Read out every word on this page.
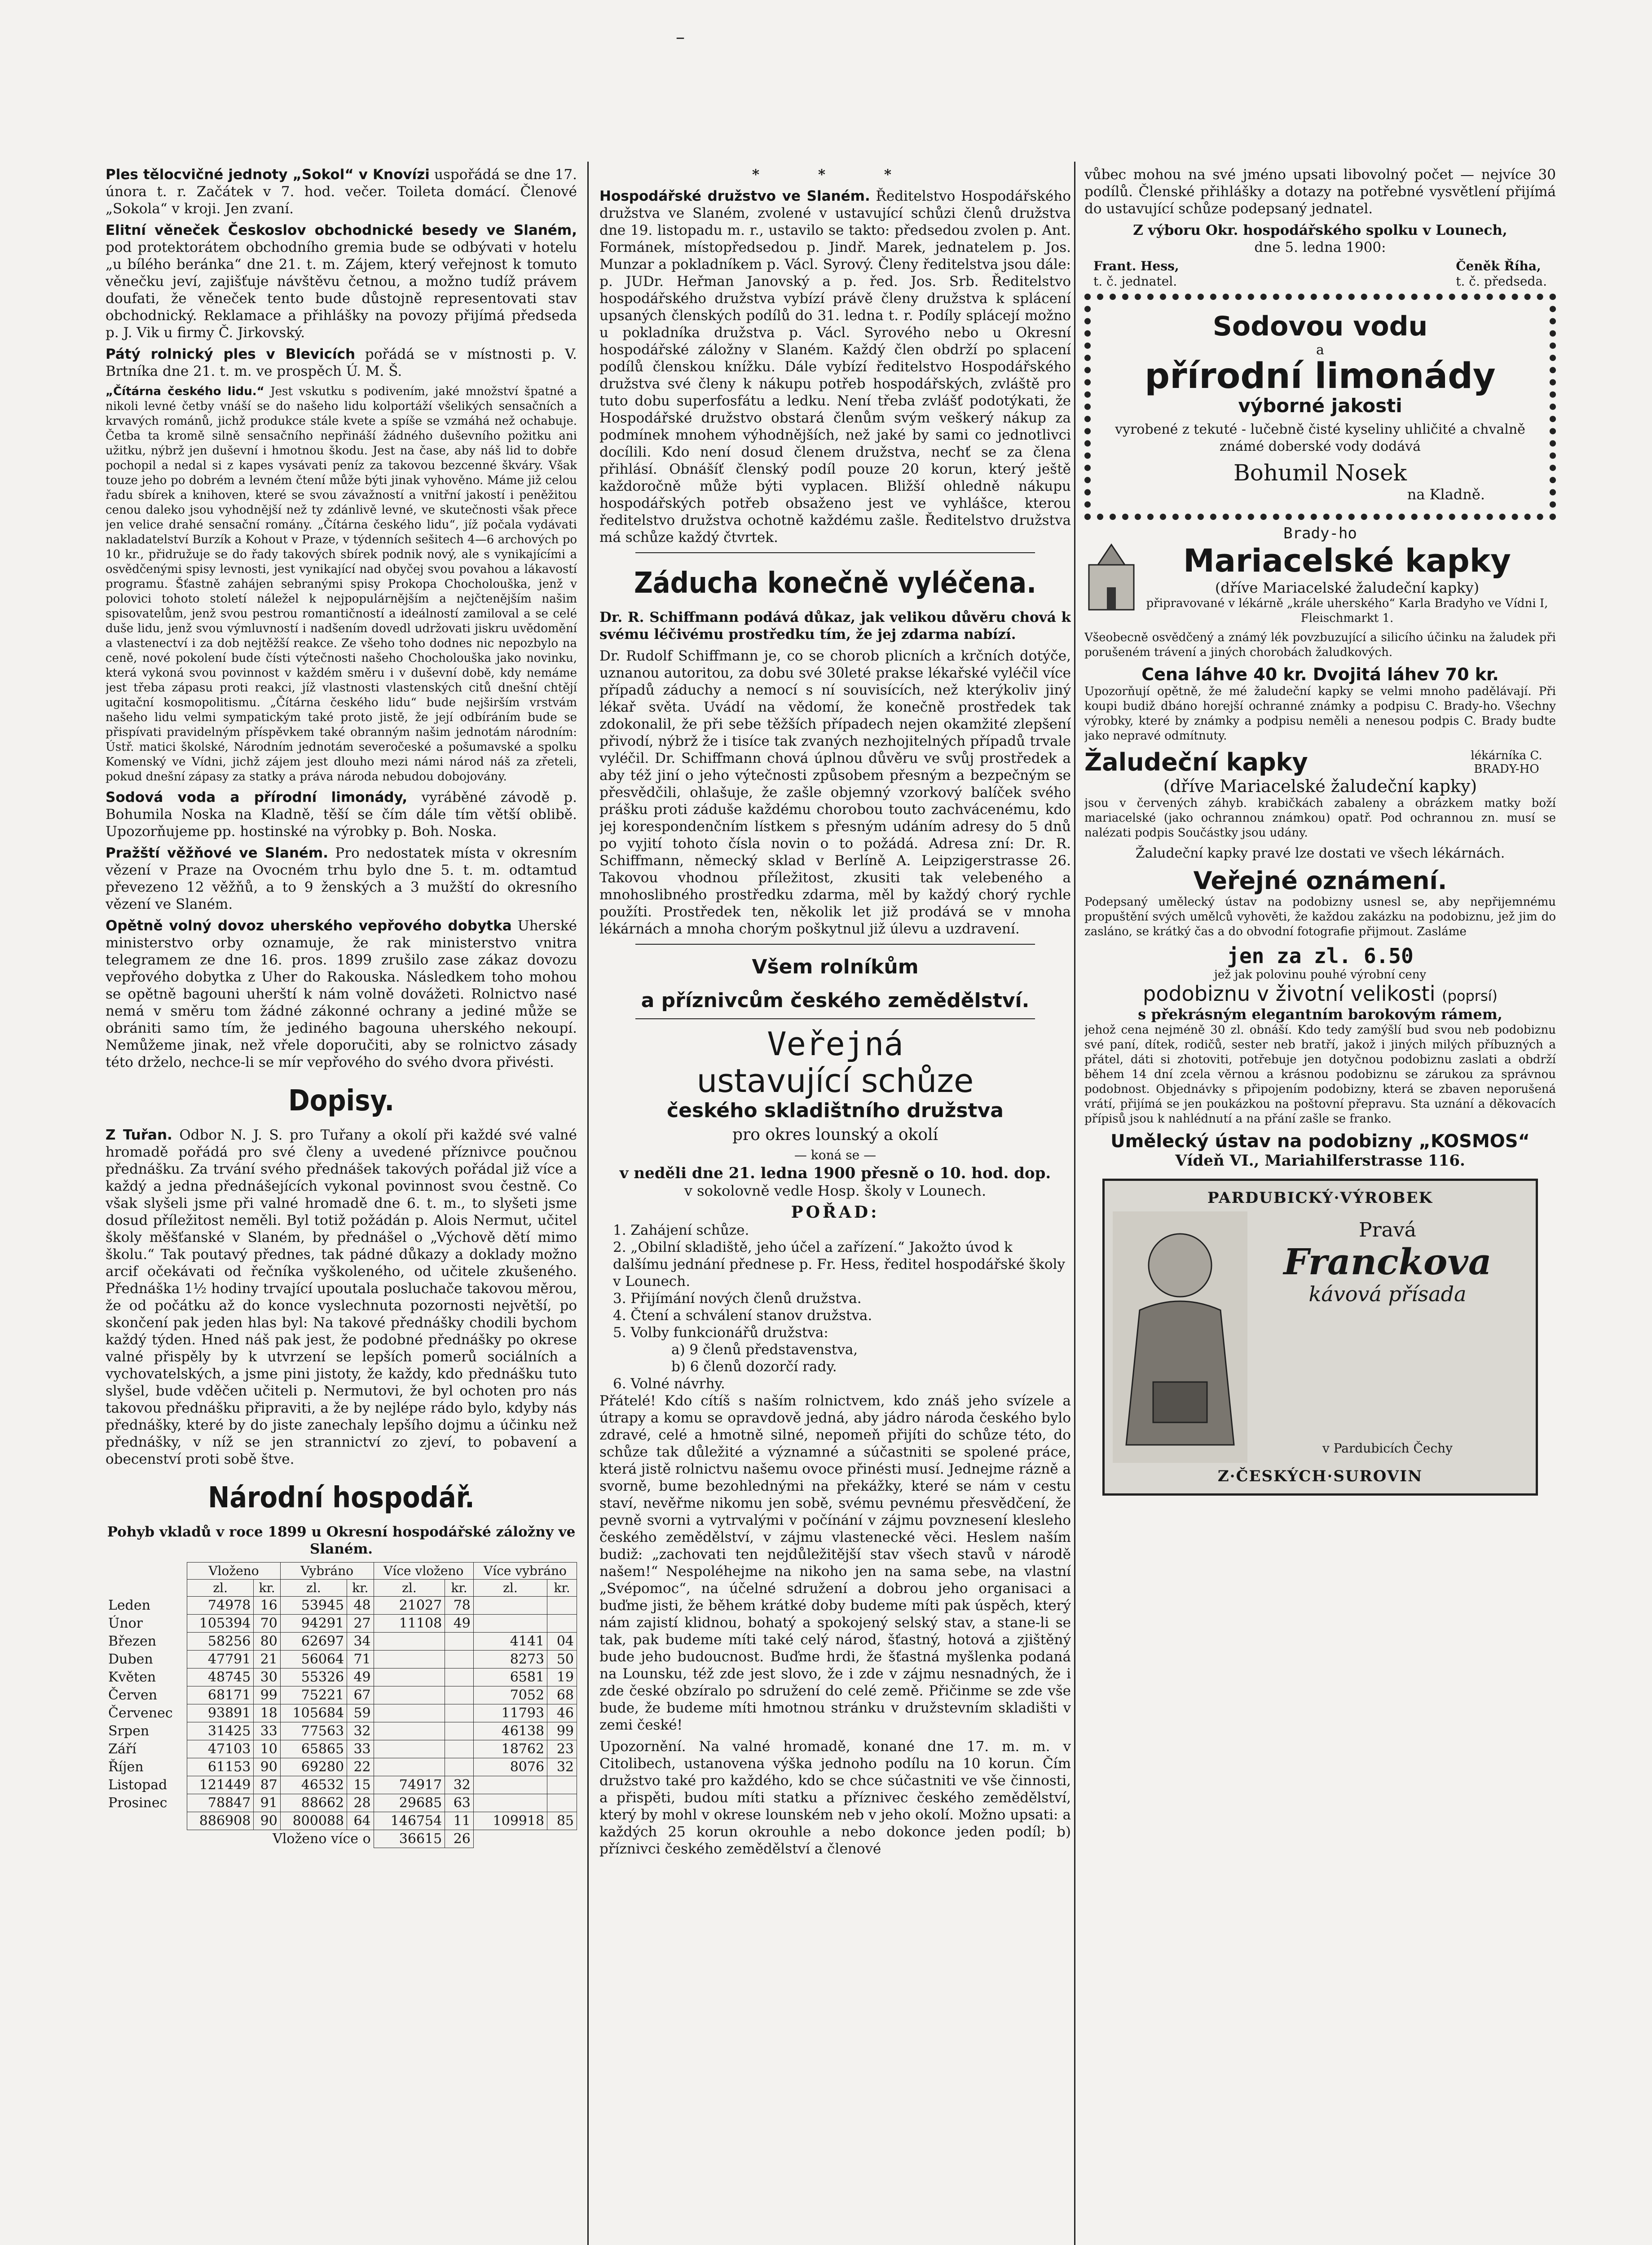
–

Ples tělocvičné jednoty „Sokol“ v Knovízi uspořádá se dne 17. února t. r. Začátek v 7. hod. večer. Toileta domácí. Členové „Sokola“ v kroji. Jen zvaní.

Elitní věneček Českoslov obchodnické besedy ve Slaném, pod protektorátem obchodního gremia bude se odbývati v hotelu „u bílého beránka“ dne 21. t. m. Zájem, který veřejnost k tomuto věnečku jeví, zajišťuje návštěvu četnou, a možno tudíž právem doufati, že věneček tento bude důstojně representovati stav obchodnický. Reklamace a přihlášky na povozy přijímá předseda p. J. Vik u firmy Č. Jirkovský.

Pátý rolnický ples v Blevicích pořádá se v místnosti p. V. Brtníka dne 21. t. m. ve prospěch Ú. M. Š.

„Čítárna českého lidu.“ Jest vskutku s podivením, jaké množství špatné a nikoli levné četby vnáší se do našeho lidu kolportáží všelikých sensačních a krvavých románů, jichž produkce stále kvete a spíše se vzmáhá než ochabuje. Četba ta kromě silně sensačního nepřináší žádného duševního požitku ani užitku, nýbrž jen duševní i hmotnou škodu. Jest na čase, aby náš lid to dobře pochopil a nedal si z kapes vysávati peníz za takovou bezcenné škváry. Však touze jeho po dobrém a levném čtení může býti jinak vyhověno. Máme již celou řadu sbírek a knihoven, které se svou závažností a vnitřní jakostí i peněžitou cenou daleko jsou vyhodnější než ty zdánlivě levné, ve skutečnosti však přece jen velice drahé sensační romány. „Čítárna českého lidu“, jíž počala vydávati nakladatelství Burzík a Kohout v Praze, v týdenních sešitech 4—6 archových po 10 kr., přidružuje se do řady takových sbírek podnik nový, ale s vynikajícími a osvědčenými spisy levnosti, jest vynikající nad obyčej svou povahou a lákavostí programu. Šťastně zahájen sebranými spisy Prokopa Chocholouška, jenž v polovici tohoto století náležel k nejpopulárnějším a nejčtenějším našim spisovatelům, jenž svou pestrou romantičností a ideálností zamiloval a se celé duše lidu, jenž svou výmluvností i nadšením dovedl udržovati jiskru uvědomění a vlastenectví i za dob nejtěžší reakce. Ze všeho toho dodnes nic nepozbylo na ceně, nové pokolení bude čísti výtečnosti našeho Chocholouška jako novinku, která vykoná svou povinnost v každém směru i v duševní době, kdy nemáme jest třeba zápasu proti reakci, jíž vlastnosti vlastenských citů dnešní chtějí ugitační kosmopolitismu. „Čítárna českého lidu“ bude nejširším vrstvám našeho lidu velmi sympatickým také proto jistě, že její odbíráním bude se přispívati pravidelným příspěvkem také obranným našim jednotám národním: Ústř. matici školské, Národním jednotám severočeské a pošumavské a spolku Komenský ve Vídni, jichž zájem jest dlouho mezi námi národ náš za zřeteli, pokud dnešní zápasy za statky a práva národa nebudou dobojovány.

Sodová voda a přírodní limonády, vyráběné závodě p. Bohumila Noska na Kladně, těší se čím dále tím větší oblibě. Upozorňujeme pp. hostinské na výrobky p. Boh. Noska.

Pražští věžňové ve Slaném. Pro nedostatek místa v okresním vězení v Praze na Ovocném trhu bylo dne 5. t. m. odtamtud převezeno 12 věžňů, a to 9 ženských a 3 mužští do okresního vězení ve Slaném.

Opětně volný dovoz uherského vepřového dobytka Uherské ministerstvo orby oznamuje, že rak ministerstvo vnitra telegramem ze dne 16. pros. 1899 zrušilo zase zákaz dovozu vepřového dobytka z Uher do Rakouska. Následkem toho mohou se opětně bagouni uherští k nám volně dovážeti. Rolnictvo nasé nemá v směru tom žádné zákonné ochrany a jediné může se obrániti samo tím, že jediného bagouna uherského nekoupí. Nemůžeme jinak, než vřele doporučiti, aby se rolnictvo zásady této drželo, nechce-li se mír vepřového do svého dvora přivésti.

Dopisy.

Z Tuřan. Odbor N. J. S. pro Tuřany a okolí při každé své valné hromadě pořádá pro své členy a uvedené příznivce poučnou přednášku. Za trvání svého přednášek takových pořádal již více a každý a jedna přednášejících vykonal povinnost svou čestně. Co však slyšeli jsme při valné hromadě dne 6. t. m., to slyšeti jsme dosud příležitost neměli. Byl totiž požádán p. Alois Nermut, učitel školy měšťanské v Slaném, by přednášel o „Výchově dětí mimo školu.“ Tak poutavý přednes, tak pádné důkazy a doklady možno arcif očekávati od řečníka vyškoleného, od učitele zkušeného. Přednáška 1½ hodiny trvající upoutala posluchače takovou měrou, že od počátku až do konce vyslechnuta pozornosti největší, po skončení pak jeden hlas byl: Na takové přednášky chodili bychom každý týden. Hned náš pak jest, že podobné přednášky po okrese valné přispěly by k utvrzení se lepších pomerů sociálních a vychovatelských, a jsme pini jistoty, že každy, kdo přednášku tuto slyšel, bude vděčen učiteli p. Nermutovi, že byl ochoten pro nás takovou přednášku připraviti, a že by nejlépe rádo bylo, kdyby nás přednášky, které by do jiste zanechaly lepšího dojmu a účinku než přednášky, v níž se jen strannictví zo zjeví, to pobavení a obecenství proti sobě štve.

Národní hospodář.

Pohyb vkladů v roce 1899 u Okresní hospodářské záložny ve Slaném.

	Vloženo		Vybráno		Více vloženo		Více vybráno	
	zl.	kr.	zl.	kr.	zl.	kr.	zl.	kr.
Leden	74978	16	53945	48	21027	78		
Únor	105394	70	94291	27	11108	49		
Březen	58256	80	62697	34			4141	04
Duben	47791	21	56064	71			8273	50
Květen	48745	30	55326	49			6581	19
Červen	68171	99	75221	67			7052	68
Červenec	93891	18	105684	59			11793	46
Srpen	31425	33	77563	32			46138	99
Září	47103	10	65865	33			18762	23
Říjen	61153	90	69280	22			8076	32
Listopad	121449	87	46532	15	74917	32		
Prosinec	78847	91	88662	28	29685	63		
	886908	90	800088	64	146754	11	109918	85
Vloženo více o					36615	26		

* * *

Hospodářské družstvo ve Slaném. Ředitelstvo Hospodářského družstva ve Slaném, zvolené v ustavující schůzi členů družstva dne 19. listopadu m. r., ustavilo se takto: předsedou zvolen p. Ant. Formánek, místopředsedou p. Jindř. Marek, jednatelem p. Jos. Munzar a pokladníkem p. Václ. Syrový. Členy ředitelstva jsou dále: p. JUDr. Heřman Janovský a p. řed. Jos. Srb. Ředitelstvo hospodářského družstva vybízí právě členy družstva k splácení upsaných členských podílů do 31. ledna t. r. Podíly splácejí možno u pokladníka družstva p. Václ. Syrového nebo u Okresní hospodářské záložny v Slaném. Každý člen obdrží po splacení podílů členskou knížku. Dále vybízí ředitelstvo Hospodářského družstva své členy k nákupu potřeb hospodářských, zvláště pro tuto dobu superfosfátu a ledku. Není třeba zvlášť podotýkati, že Hospodářské družstvo obstará členům svým veškerý nákup za podmínek mnohem výhodnějších, než jaké by sami co jednotlivci docílili. Kdo není dosud členem družstva, nechť se za člena přihlásí. Obnášíť členský podíl pouze 20 korun, který ještě každoročně může býti vyplacen. Bližší ohledně nákupu hospodářských potřeb obsaženo jest ve vyhlášce, kterou ředitelstvo družstva ochotně každému zašle. Ředitelstvo družstva má schůze každý čtvrtek.

Záducha konečně vyléčena.

Dr. R. Schiffmann podává důkaz, jak velikou důvěru chová k svému léčivému prostředku tím, že jej zdarma nabízí.

Dr. Rudolf Schiffmann je, co se chorob plicních a krčních dotýče, uznanou autoritou, za dobu své 30leté prakse lékařské vyléčil více případů záduchy a nemocí s ní souvisících, než kterýkoliv jiný lékař světa. Uvádí na vědomí, že konečně prostředek tak zdokonalil, že při sebe těžších případech nejen okamžité zlepšení přivodí, nýbrž že i tisíce tak zvaných nezhojitelných případů trvale vyléčil. Dr. Schiffmann chová úplnou důvěru ve svůj prostředek a aby též jiní o jeho výtečnosti způsobem přesným a bezpečným se přesvědčili, ohlašuje, že zašle objemný vzorkový balíček svého prášku proti záduše každému chorobou touto zachvácenému, kdo jej korespondenčním lístkem s přesným udáním adresy do 5 dnů po vyjití tohoto čísla novin o to požádá. Adresa zní: Dr. R. Schiffmann, německý sklad v Berlíně A. Leipzigerstrasse 26. Takovou vhodnou příležitost, zkusiti tak velebeného a mnohoslibného prostředku zdarma, měl by každý chorý rychle použíti. Prostředek ten, několik let již prodává se v mnoha lékárnách a mnoha chorým poškytnul již úlevu a uzdravení.

Všem rolníkům
a příznivcům českého zemědělství.
Veřejná
ustavující schůze
českého skladištního družstva
pro okres lounský a okolí
— koná se —
v neděli dne 21. ledna 1900 přesně o 10. hod. dop.
v sokolovně vedle Hosp. školy v Lounech.
POŘAD:
1. Zahájení schůze.
2. „Obilní skladiště, jeho účel a zařízení.“ Jakožto úvod k dalšímu jednání přednese p. Fr. Hess, ředitel hospodářské školy v Lounech.
3. Přijímání nových členů družstva.
4. Čtení a schválení stanov družstva.
5. Volby funkcionářů družstva:
a) 9 členů představenstva,
b) 6 členů dozorčí rady.
6. Volné návrhy.

Přátelé! Kdo cítíš s naším rolnictvem, kdo znáš jeho svízele a útrapy a komu se opravdově jedná, aby jádro národa českého bylo zdravé, celé a hmotně silné, nepomeň přijíti do schůze této, do schůze tak důležité a významné a súčastniti se spolené práce, která jistě rolnictvu našemu ovoce přinésti musí. Jednejme rázně a svorně, bume bezohlednými na překážky, které se nám v cestu staví, nevěřme nikomu jen sobě, svému pevnému přesvědčení, že pevně svorni a vytrvalými v počínání v zájmu povznesení klesleho českého zemědělství, v zájmu vlastenecké věci. Heslem naším budiž: „zachovati ten nejdůležitější stav všech stavů v národě našem!“ Nespoléhejme na nikoho jen na sama sebe, na vlastní „Svépomoc“, na účelné sdružení a dobrou jeho organisaci a buďme jisti, že během krátké doby budeme míti pak úspěch, který nám zajistí klidnou, bohatý a spokojený selský stav, a stane-li se tak, pak budeme míti také celý národ, šťastný, hotová a zjištěný bude jeho budoucnost. Buďme hrdi, že šťastná myšlenka podaná na Lounsku, též zde jest slovo, že i zde v zájmu nesnadných, že i zde české obzíralo po sdružení do celé země. Přičinme se zde vše bude, že budeme míti hmotnou stránku v družstevním skladišti v zemi české!

Upozornění. Na valné hromadě, konané dne 17. m. m. v Citolibech, ustanovena výška jednoho podílu na 10 korun. Čím družstvo také pro každého, kdo se chce súčastniti ve vše činnosti, a přispěti, budou míti statku a příznivec českého zemědělství, který by mohl v okrese lounském neb v jeho okolí. Možno upsati: a každých 25 korun okrouhle a nebo dokonce jeden podíl; b) příznivci českého zemědělství a členové

vůbec mohou na své jméno upsati libovolný počet — nejvíce 30 podílů. Členské přihlášky a dotazy na potřebné vysvětlení přijímá do ustavující schůze podepsaný jednatel.

Z výboru Okr. hospodářského spolku v Lounech,

dne 5. ledna 1900:

Frant. Hess,
t. č. jednatel.
Čeněk Říha,
t. č. předseda.
Sodovou vodu
a
přírodní limonády
výborné jakosti
vyrobené z tekuté - lučebně čisté kyseliny uhličité a chvalně známé doberské vody dodává
Bohumil Nosek
na Kladně.
Brady-ho
Mariacelské kapky
(dříve Mariacelské žaludeční kapky)

připravované v lékárně „krále uherského“ Karla Bradyho ve Vídni I, Fleischmarkt 1.

Všeobecně osvědčený a známý lék povzbuzující a silicího účinku na žaludek při porušeném trávení a jiných chorobách žaludkových.

Cena láhve 40 kr. Dvojitá láhev 70 kr.

Upozorňují opětně, že mé žaludeční kapky se velmi mnoho padělávají. Při koupi budiž dbáno horejší ochranné známky a podpisu C. Brady-ho. Všechny výrobky, které by známky a podpisu neměli a nenesou podpis C. Brady budte jako nepravé odmítnuty.

Žaludeční kapky	lékárníka C. BRADY-HO
(dříve Mariacelské žaludeční kapky)

jsou v červených záhyb. krabičkách zabaleny a obrázkem matky boží mariacelské (jako ochrannou známkou) opatř. Pod ochrannou zn. musí se nalézati podpis Součástky jsou udány.

Žaludeční kapky pravé lze dostati ve všech lékárnách.

Veřejné oznámení.

Podepsaný umělecký ústav na podobizny usnesl se, aby nepřijemnému propuštění svých umělců vyhověti, že každou zakázku na podobiznu, jež jim do zasláno, se krátký čas a do obvodní fotografie přijmout. Zasláme

jen za zl. 6.50
jež jak polovinu pouhé výrobní ceny
podobiznu v životní velikosti (poprsí)
s překrásným elegantním barokovým rámem,

jehož cena nejméně 30 zl. obnáší. Kdo tedy zamýšlí bud svou neb podobiznu své paní, dítek, rodičů, sester neb bratří, jakož i jiných milých příbuzných a přátel, dáti si zhotoviti, potřebuje jen dotyčnou podobiznu zaslati a obdrží během 14 dní zcela věrnou a krásnou podobiznu se zárukou za správnou podobnost. Objednávky s připojením podobizny, která se zbaven neporušená vrátí, přijímá se jen poukázkou na poštovní přepravu. Sta uznání a děkovacích přípisů jsou k nahlédnutí a na přání zašle se franko.

Umělecký ústav na podobizny „KOSMOS“
Vídeň VI., Mariahilferstrasse 116.
PARDUBICKÝ·VÝROBEK
Pravá
Franckova
kávová přísada
v Pardubicích Čechy
Z·ČESKÝCH·SUROVIN
